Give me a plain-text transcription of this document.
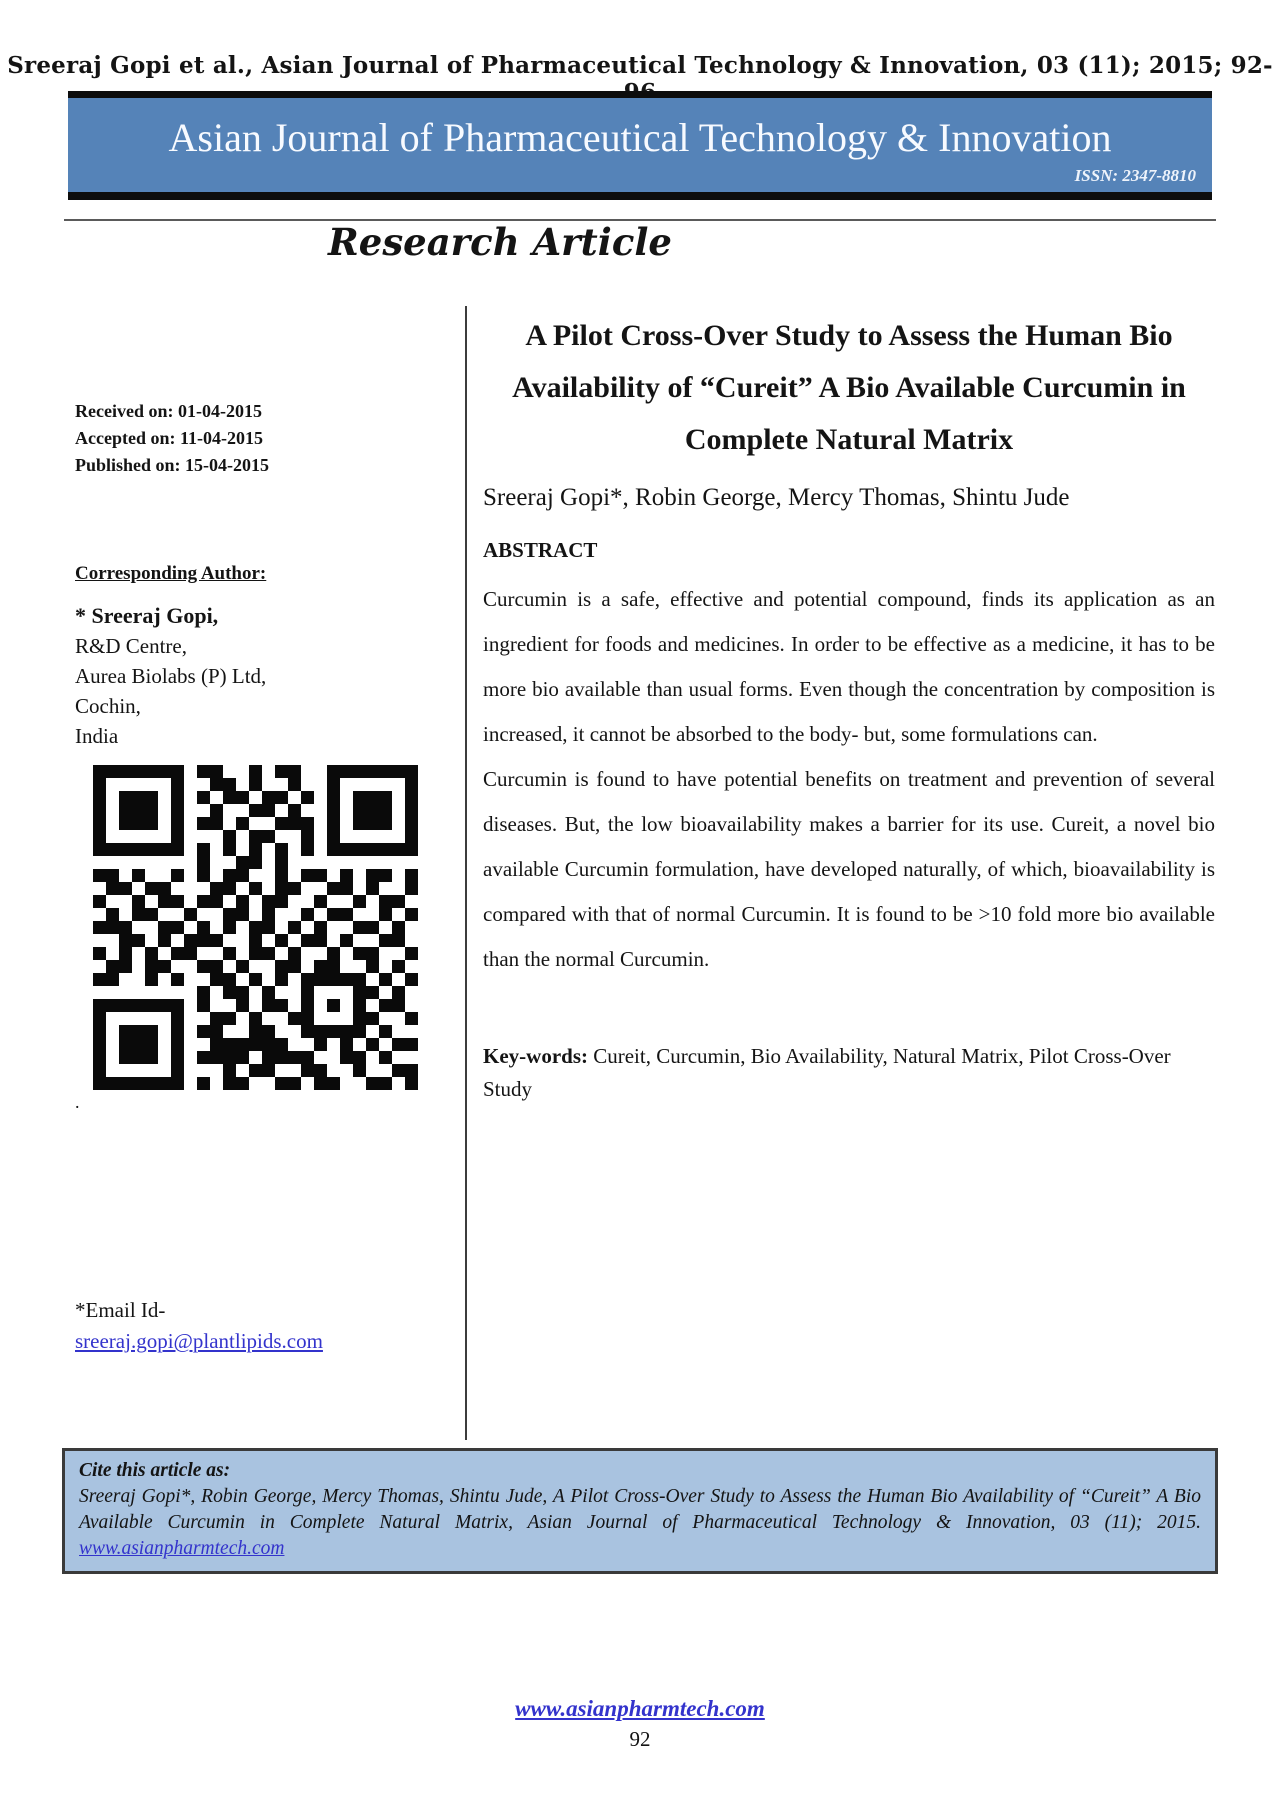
Sreeraj Gopi et al., Asian Journal of Pharmaceutical Technology & Innovation, 03 (11); 2015; 92-
Asian Journal of Pharmaceutical Technology & Innovation
ISSN: 2347-8810
Research Article
Received on: 01-04-2015
Accepted on: 11-04-2015
Published on: 15-04-2015
Corresponding Author:
* Sreeraj Gopi,
R&D Centre,
Aurea Biolabs (P) Ltd,
Cochin,
India
.
*Email Id-
sreeraj.gopi@plantlipids.com
A Pilot Cross-Over Study to Assess the Human Bio Availability of “Cureit” A Bio Available Curcumin in Complete Natural Matrix
Sreeraj Gopi*, Robin George, Mercy Thomas, Shintu Jude
ABSTRACT
Curcumin is a safe, effective and potential compound, finds its application as an ingredient for foods and medicines. In order to be effective as a medicine, it has to be more bio available than usual forms. Even though the concentration by composition is increased, it cannot be absorbed to the body- but, some formulations can.
Curcumin is found to have potential benefits on treatment and prevention of several diseases. But, the low bioavailability makes a barrier for its use. Cureit, a novel bio available Curcumin formulation, have developed naturally, of which, bioavailability is compared with that of normal Curcumin. It is found to be >10 fold more bio available than the normal Curcumin.
Key-words: Cureit, Curcumin, Bio Availability, Natural Matrix, Pilot Cross-Over Study
Cite this article as:
Sreeraj Gopi*, Robin George, Mercy Thomas, Shintu Jude, A Pilot Cross-Over Study to Assess the Human Bio Availability of “Cureit” A Bio Available Curcumin in Complete Natural Matrix, Asian Journal of Pharmaceutical Technology & Innovation, 03 (11); 2015. www.asianpharmtech.com
www.asianpharmtech.com
92
